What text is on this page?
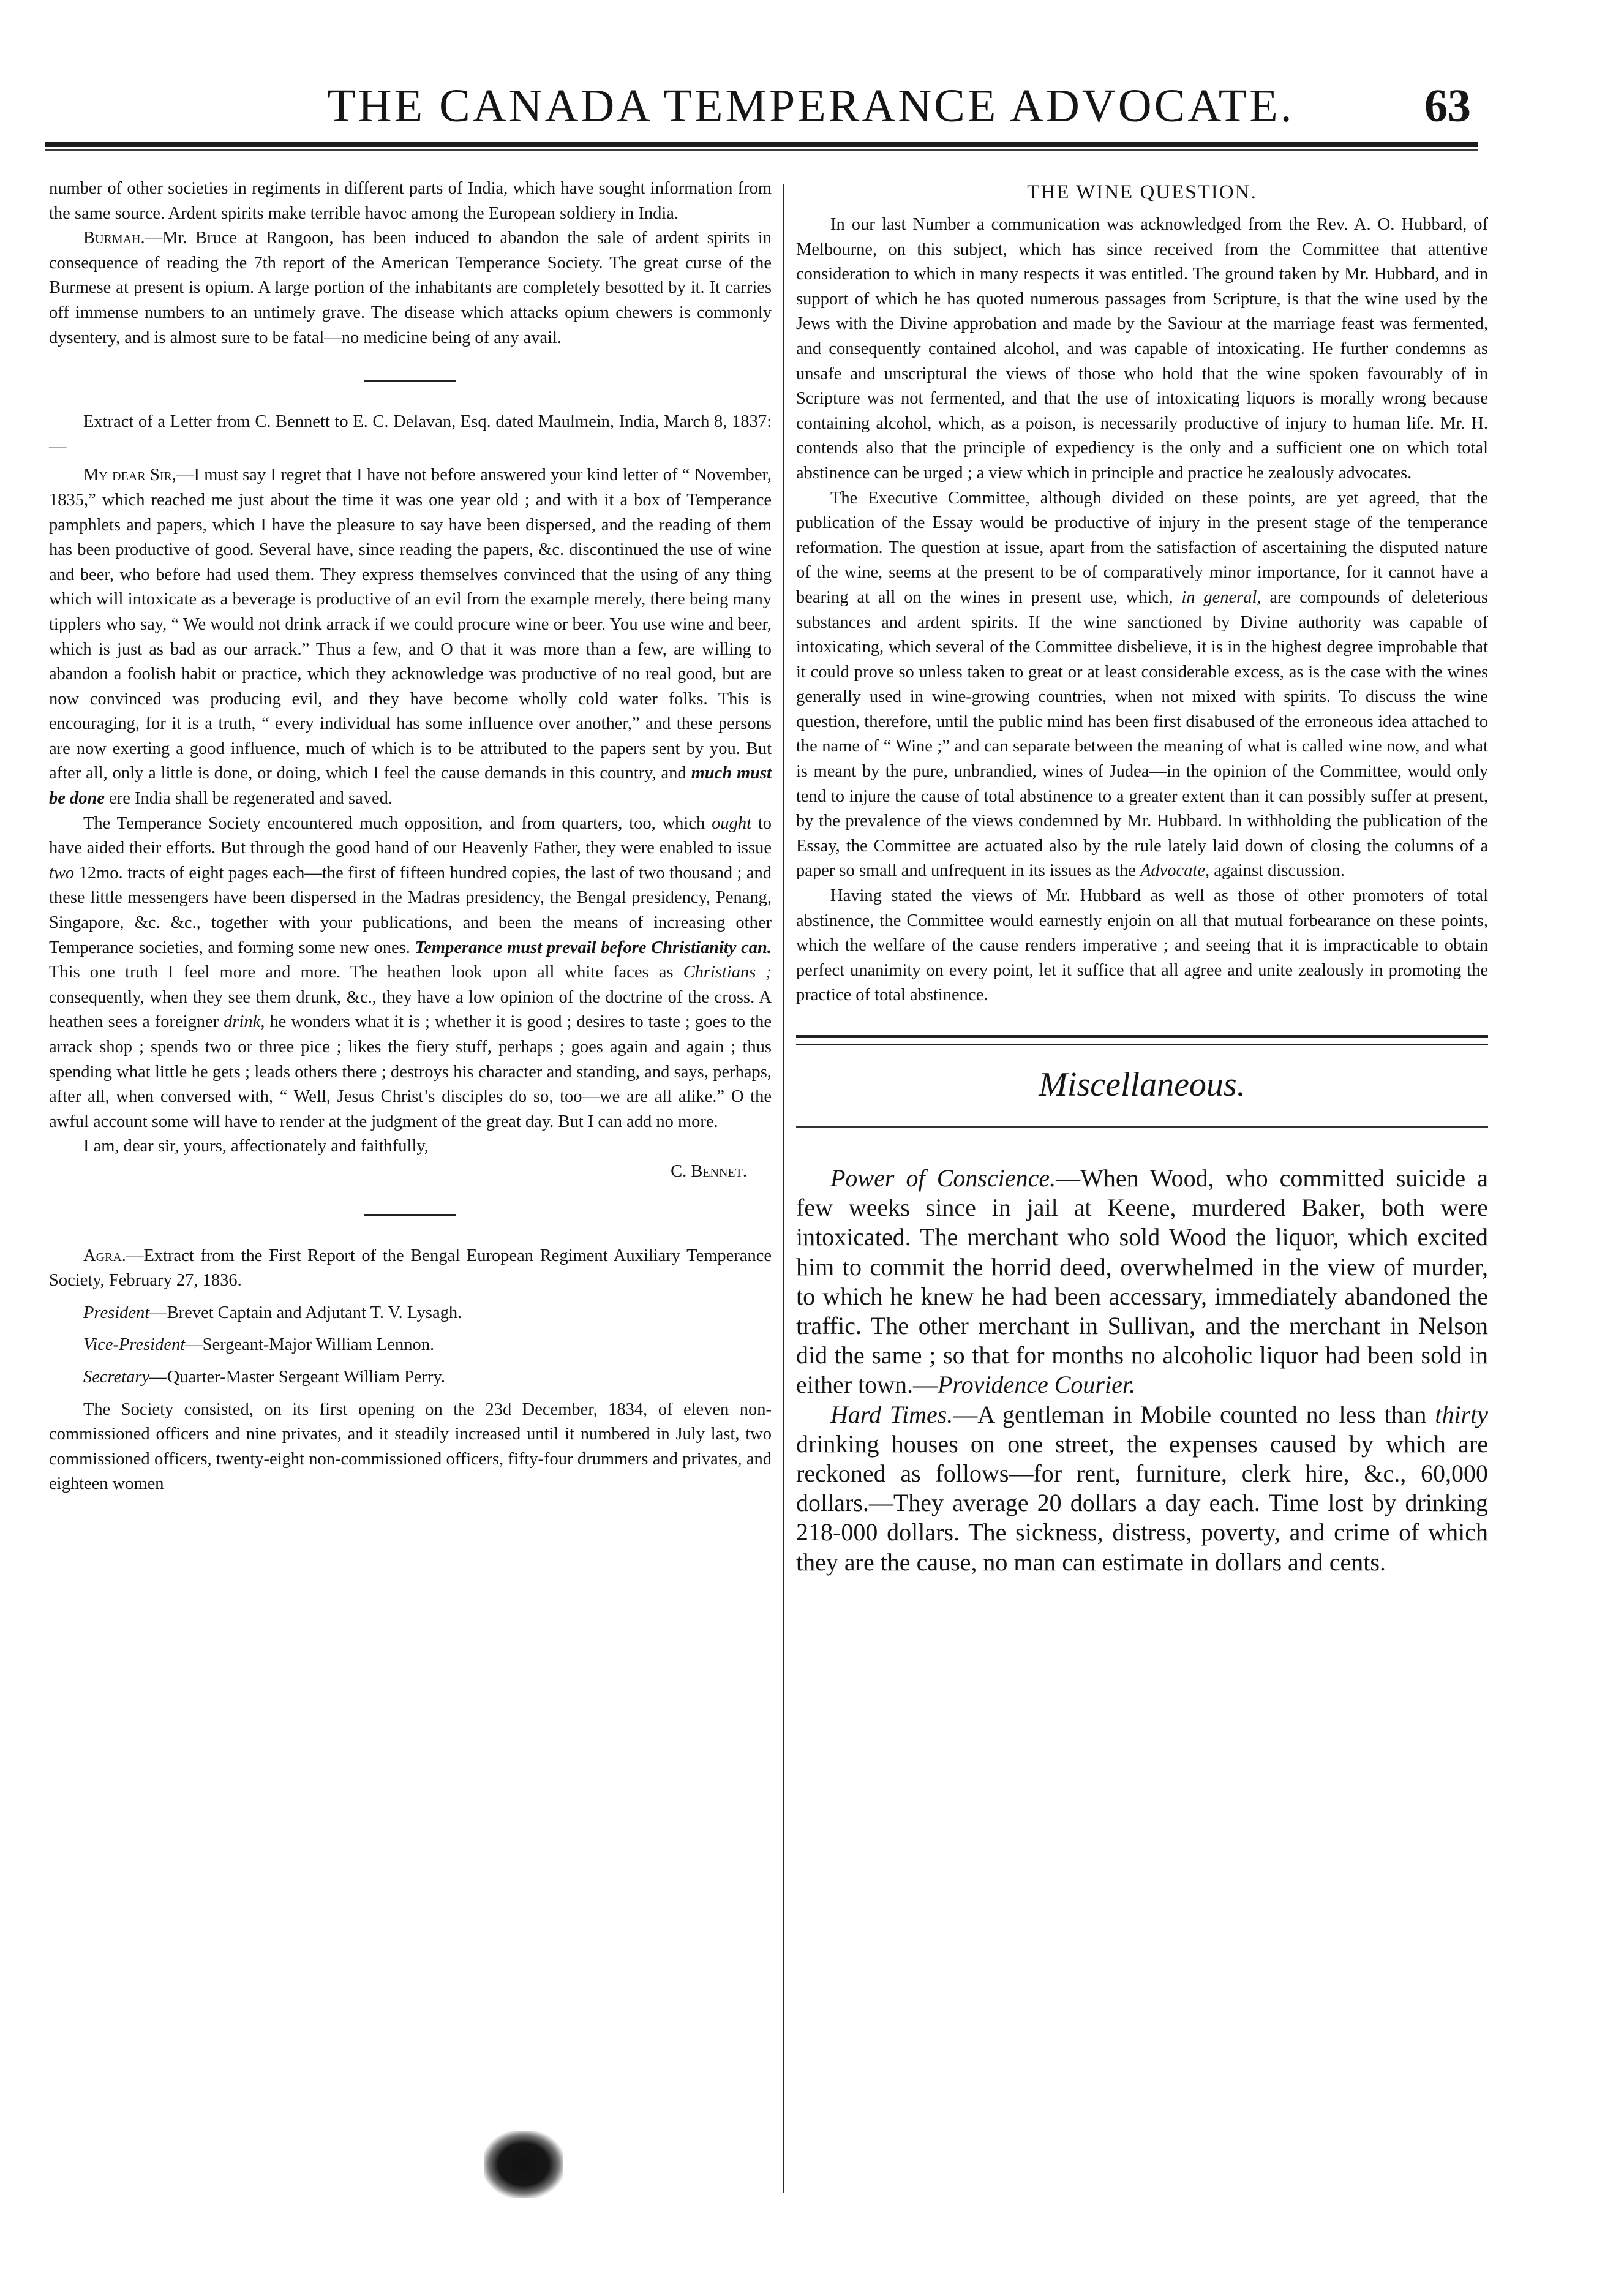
THE CANADA TEMPERANCE ADVOCATE.	63

number of other societies in regiments in different parts of India, which have sought information from the same source. Ardent spirits make terrible havoc among the European soldiery in India.

Burmah.—Mr. Bruce at Rangoon, has been induced to abandon the sale of ardent spirits in consequence of reading the 7th report of the American Temperance Society. The great curse of the Burmese at present is opium. A large portion of the inhabitants are completely besotted by it. It carries off immense numbers to an untimely grave. The disease which attacks opium chewers is commonly dysentery, and is almost sure to be fatal—no medicine being of any avail.

Extract of a Letter from C. Bennett to E. C. Delavan, Esq. dated Maulmein, India, March 8, 1837:—

My dear Sir,—I must say I regret that I have not before answered your kind letter of “ November, 1835,” which reached me just about the time it was one year old ; and with it a box of Temperance pamphlets and papers, which I have the pleasure to say have been dispersed, and the reading of them has been productive of good. Several have, since reading the papers, &c. discontinued the use of wine and beer, who before had used them. They express themselves convinced that the using of any thing which will intoxicate as a beverage is productive of an evil from the example merely, there being many tipplers who say, “ We would not drink arrack if we could procure wine or beer. You use wine and beer, which is just as bad as our arrack.” Thus a few, and O that it was more than a few, are willing to abandon a foolish habit or practice, which they acknowledge was productive of no real good, but are now convinced was producing evil, and they have become wholly cold water folks. This is encouraging, for it is a truth, “ every individual has some influence over another,” and these persons are now exerting a good influence, much of which is to be attributed to the papers sent by you. But after all, only a little is done, or doing, which I feel the cause demands in this country, and much must be done ere India shall be regenerated and saved.

The Temperance Society encountered much opposition, and from quarters, too, which ought to have aided their efforts. But through the good hand of our Heavenly Father, they were enabled to issue two 12mo. tracts of eight pages each—the first of fifteen hundred copies, the last of two thousand ; and these little messengers have been dispersed in the Madras presidency, the Bengal presidency, Penang, Singapore, &c. &c., together with your publications, and been the means of increasing other Temperance societies, and forming some new ones. Temperance must prevail before Christianity can. This one truth I feel more and more. The heathen look upon all white faces as Christians ; consequently, when they see them drunk, &c., they have a low opinion of the doctrine of the cross. A heathen sees a foreigner drink, he wonders what it is ; whether it is good ; desires to taste ; goes to the arrack shop ; spends two or three pice ; likes the fiery stuff, perhaps ; goes again and again ; thus spending what little he gets ; leads others there ; destroys his character and standing, and says, perhaps, after all, when conversed with, “ Well, Jesus Christ’s disciples do so, too—we are all alike.” O the awful account some will have to render at the judgment of the great day. But I can add no more.

I am, dear sir, yours, affectionately and faithfully,

C. Bennet.

Agra.—Extract from the First Report of the Bengal European Regiment Auxiliary Temperance Society, February 27, 1836.

President—Brevet Captain and Adjutant T. V. Lysagh.

Vice-President—Sergeant-Major William Lennon.

Secretary—Quarter-Master Sergeant William Perry.

The Society consisted, on its first opening on the 23d December, 1834, of eleven non-commissioned officers and nine privates, and it steadily increased until it numbered in July last, two commissioned officers, twenty-eight non-commissioned officers, fifty-four drummers and privates, and eighteen women

THE WINE QUESTION.

In our last Number a communication was acknowledged from the Rev. A. O. Hubbard, of Melbourne, on this subject, which has since received from the Committee that attentive consideration to which in many respects it was entitled. The ground taken by Mr. Hubbard, and in support of which he has quoted numerous passages from Scripture, is that the wine used by the Jews with the Divine approbation and made by the Saviour at the marriage feast was fermented, and consequently contained alcohol, and was capable of intoxicating. He further condemns as unsafe and unscriptural the views of those who hold that the wine spoken favourably of in Scripture was not fermented, and that the use of intoxicating liquors is morally wrong because containing alcohol, which, as a poison, is necessarily productive of injury to human life. Mr. H. contends also that the principle of expediency is the only and a sufficient one on which total abstinence can be urged ; a view which in principle and practice he zealously advocates.

The Executive Committee, although divided on these points, are yet agreed, that the publication of the Essay would be productive of injury in the present stage of the temperance reformation. The question at issue, apart from the satisfaction of ascertaining the disputed nature of the wine, seems at the present to be of comparatively minor importance, for it cannot have a bearing at all on the wines in present use, which, in general, are compounds of deleterious substances and ardent spirits. If the wine sanctioned by Divine authority was capable of intoxicating, which several of the Committee disbelieve, it is in the highest degree improbable that it could prove so unless taken to great or at least considerable excess, as is the case with the wines generally used in wine-growing countries, when not mixed with spirits. To discuss the wine question, therefore, until the public mind has been first disabused of the erroneous idea attached to the name of “ Wine ;” and can separate between the meaning of what is called wine now, and what is meant by the pure, unbrandied, wines of Judea—in the opinion of the Committee, would only tend to injure the cause of total abstinence to a greater extent than it can possibly suffer at present, by the prevalence of the views condemned by Mr. Hubbard. In withholding the publication of the Essay, the Committee are actuated also by the rule lately laid down of closing the columns of a paper so small and unfrequent in its issues as the Advocate, against discussion.

Having stated the views of Mr. Hubbard as well as those of other promoters of total abstinence, the Committee would earnestly enjoin on all that mutual forbearance on these points, which the welfare of the cause renders imperative ; and seeing that it is impracticable to obtain perfect unanimity on every point, let it suffice that all agree and unite zealously in promoting the practice of total abstinence.

Miscellaneous.

Power of Conscience.—When Wood, who committed suicide a few weeks since in jail at Keene, murdered Baker, both were intoxicated. The merchant who sold Wood the liquor, which excited him to commit the horrid deed, overwhelmed in the view of murder, to which he knew he had been accessary, immediately abandoned the traffic. The other merchant in Sullivan, and the merchant in Nelson did the same ; so that for months no alcoholic liquor had been sold in either town.—Providence Courier.

Hard Times.—A gentleman in Mobile counted no less than thirty drinking houses on one street, the expenses caused by which are reckoned as follows—for rent, furniture, clerk hire, &c., 60,000 dollars.—They average 20 dollars a day each. Time lost by drinking 218-000 dollars. The sickness, distress, poverty, and crime of which they are the cause, no man can estimate in dollars and cents.
